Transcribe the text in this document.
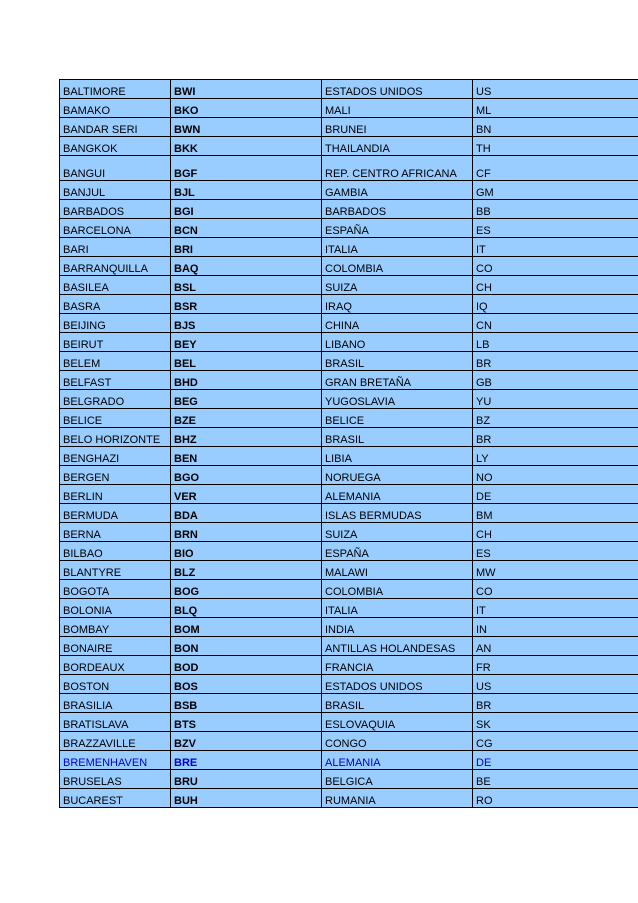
BALTIMORE	BWI	ESTADOS UNIDOS	US
BAMAKO	BKO	MALI	ML
BANDAR SERI	BWN	BRUNEI	BN
BANGKOK	BKK	THAILANDIA	TH
BANGUI	BGF	REP. CENTRO AFRICANA	CF
BANJUL	BJL	GAMBIA	GM
BARBADOS	BGI	BARBADOS	BB
BARCELONA	BCN	ESPAÑA	ES
BARI	BRI	ITALIA	IT
BARRANQUILLA	BAQ	COLOMBIA	CO
BASILEA	BSL	SUIZA	CH
BASRA	BSR	IRAQ	IQ
BEIJING	BJS	CHINA	CN
BEIRUT	BEY	LIBANO	LB
BELEM	BEL	BRASIL	BR
BELFAST	BHD	GRAN BRETAÑA	GB
BELGRADO	BEG	YUGOSLAVIA	YU
BELICE	BZE	BELICE	BZ
BELO HORIZONTE	BHZ	BRASIL	BR
BENGHAZI	BEN	LIBIA	LY
BERGEN	BGO	NORUEGA	NO
BERLIN	VER	ALEMANIA	DE
BERMUDA	BDA	ISLAS BERMUDAS	BM
BERNA	BRN	SUIZA	CH
BILBAO	BIO	ESPAÑA	ES
BLANTYRE	BLZ	MALAWI	MW
BOGOTA	BOG	COLOMBIA	CO
BOLONIA	BLQ	ITALIA	IT
BOMBAY	BOM	INDIA	IN
BONAIRE	BON	ANTILLAS HOLANDESAS	AN
BORDEAUX	BOD	FRANCIA	FR
BOSTON	BOS	ESTADOS UNIDOS	US
BRASILIA	BSB	BRASIL	BR
BRATISLAVA	BTS	ESLOVAQUIA	SK
BRAZZAVILLE	BZV	CONGO	CG
BREMENHAVEN	BRE	ALEMANIA	DE
BRUSELAS	BRU	BELGICA	BE
BUCAREST	BUH	RUMANIA	RO
